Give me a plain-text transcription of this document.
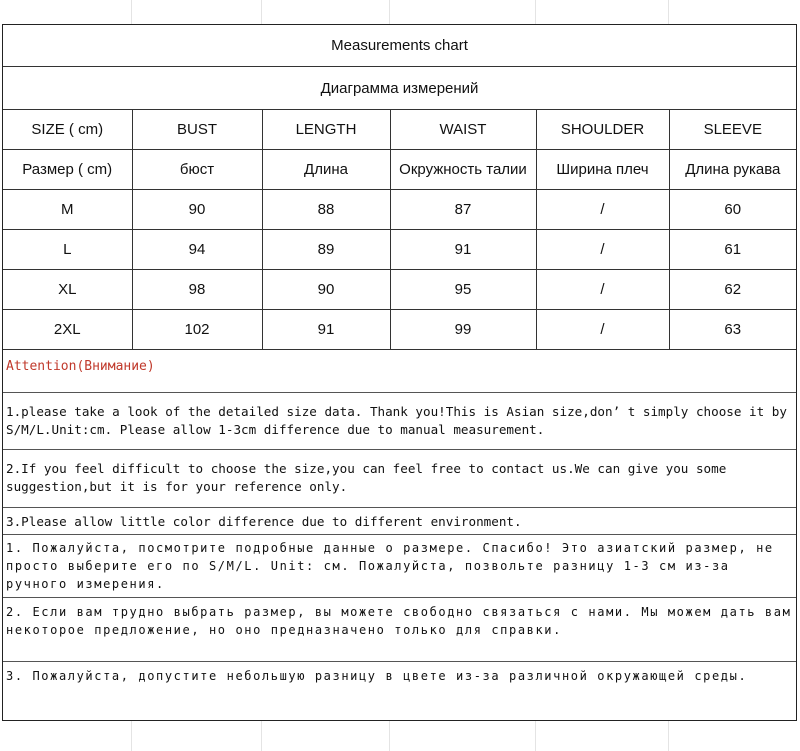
Measurements chart					
Диаграмма измерений					
SIZE ( cm)	BUST	LENGTH	WAIST	SHOULDER	SLEEVE
Размер ( cm)	бюст	Длина	Окружность талии	Ширина плеч	Длина рукава
M	90	88	87	/	60
L	94	89	91	/	61
XL	98	90	95	/	62
2XL	102	91	99	/	63
Attention(Внимание)
1.please take a look of the detailed size data. Thank you!This is Asian size,don’ t simply choose it by S/M/L.Unit:cm. Please allow 1-3cm difference due to manual measurement.
2.If you feel difficult to choose the size,you can feel free to contact us.We can give you some suggestion,but it is for your reference only.
3.Please allow little color difference due to different environment.
1. Пожалуйста, посмотрите подробные данные о размере. Спасибо! Это азиатский размер, не просто выберите его по S/M/L. Unit: см. Пожалуйста, позвольте разницу 1-3 см из-за ручного измерения.
2. Если вам трудно выбрать размер, вы можете свободно связаться с нами. Мы можем дать вам некоторое предложение, но оно предназначено только для справки.
3. Пожалуйста, допустите небольшую разницу в цвете из-за различной окружающей среды.
